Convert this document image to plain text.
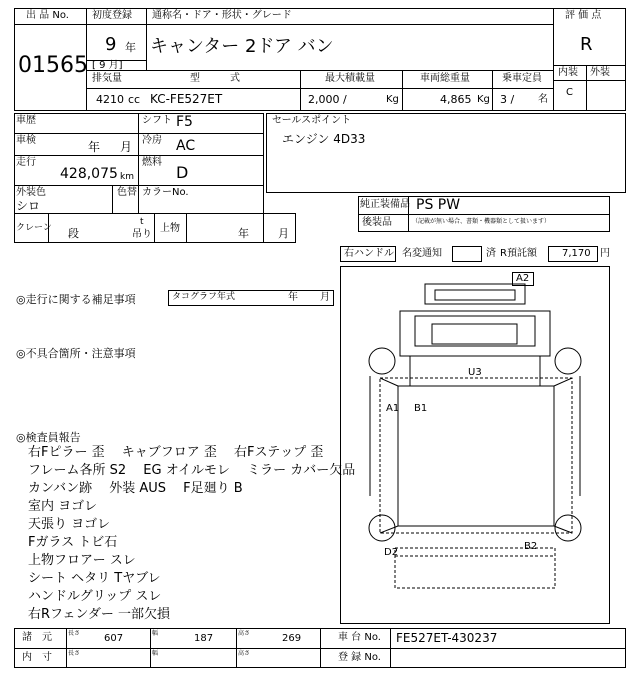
出 品 No.
01565
初度登録
9 年
[ 9 月]
通称名・ドア・形状・グレード
キャンター 2ドア バン
評 価 点
R
内装 外装
C
排気量	型　　　式	最大積載量	車両総重量	乗車定員
4210 cc KC-FE527ET	2,000 /	Kg	4,865 Kg 3 / 名
車歴	シフト F5
車検	年 月 冷房 AC
走行
428,075 km
燃料
D
外装色
シロ
色替 カラーNo.
クレーン 段
t
吊り
上物	年	月
セールスポイント
エンジン 4D33
純正装備品 PS PW
後装品	（記載が無い場合、書類・機器類として扱います）
右ハンドル 名変通知	済 R預託額	7,170 円
◎走行に関する補足事項	タコグラフ年式	年 月
◎不具合箇所・注意事項
◎検査員報告
右Fピラー 歪　 キャブフロア 歪　 右Fステップ 歪
フレーム各所 S2　 EG オイルモレ　 ミラー カバー欠品
カンバン跡　 外装 AUS　 F足廻り B
室内 ヨゴレ
天張り ヨゴレ
Fガラス トビ石
上物フロアー スレ
シート ヘタリ Tヤブレ
ハンドルグリップ スレ
右Rフェンダー 一部欠損
A2
U3
A1 B1
D2
B2
諸　元	長さ 607	幅	187	高さ	269	車 台 No. FE527ET-430237
内　寸	長さ	幅	高さ	登 録 No.
